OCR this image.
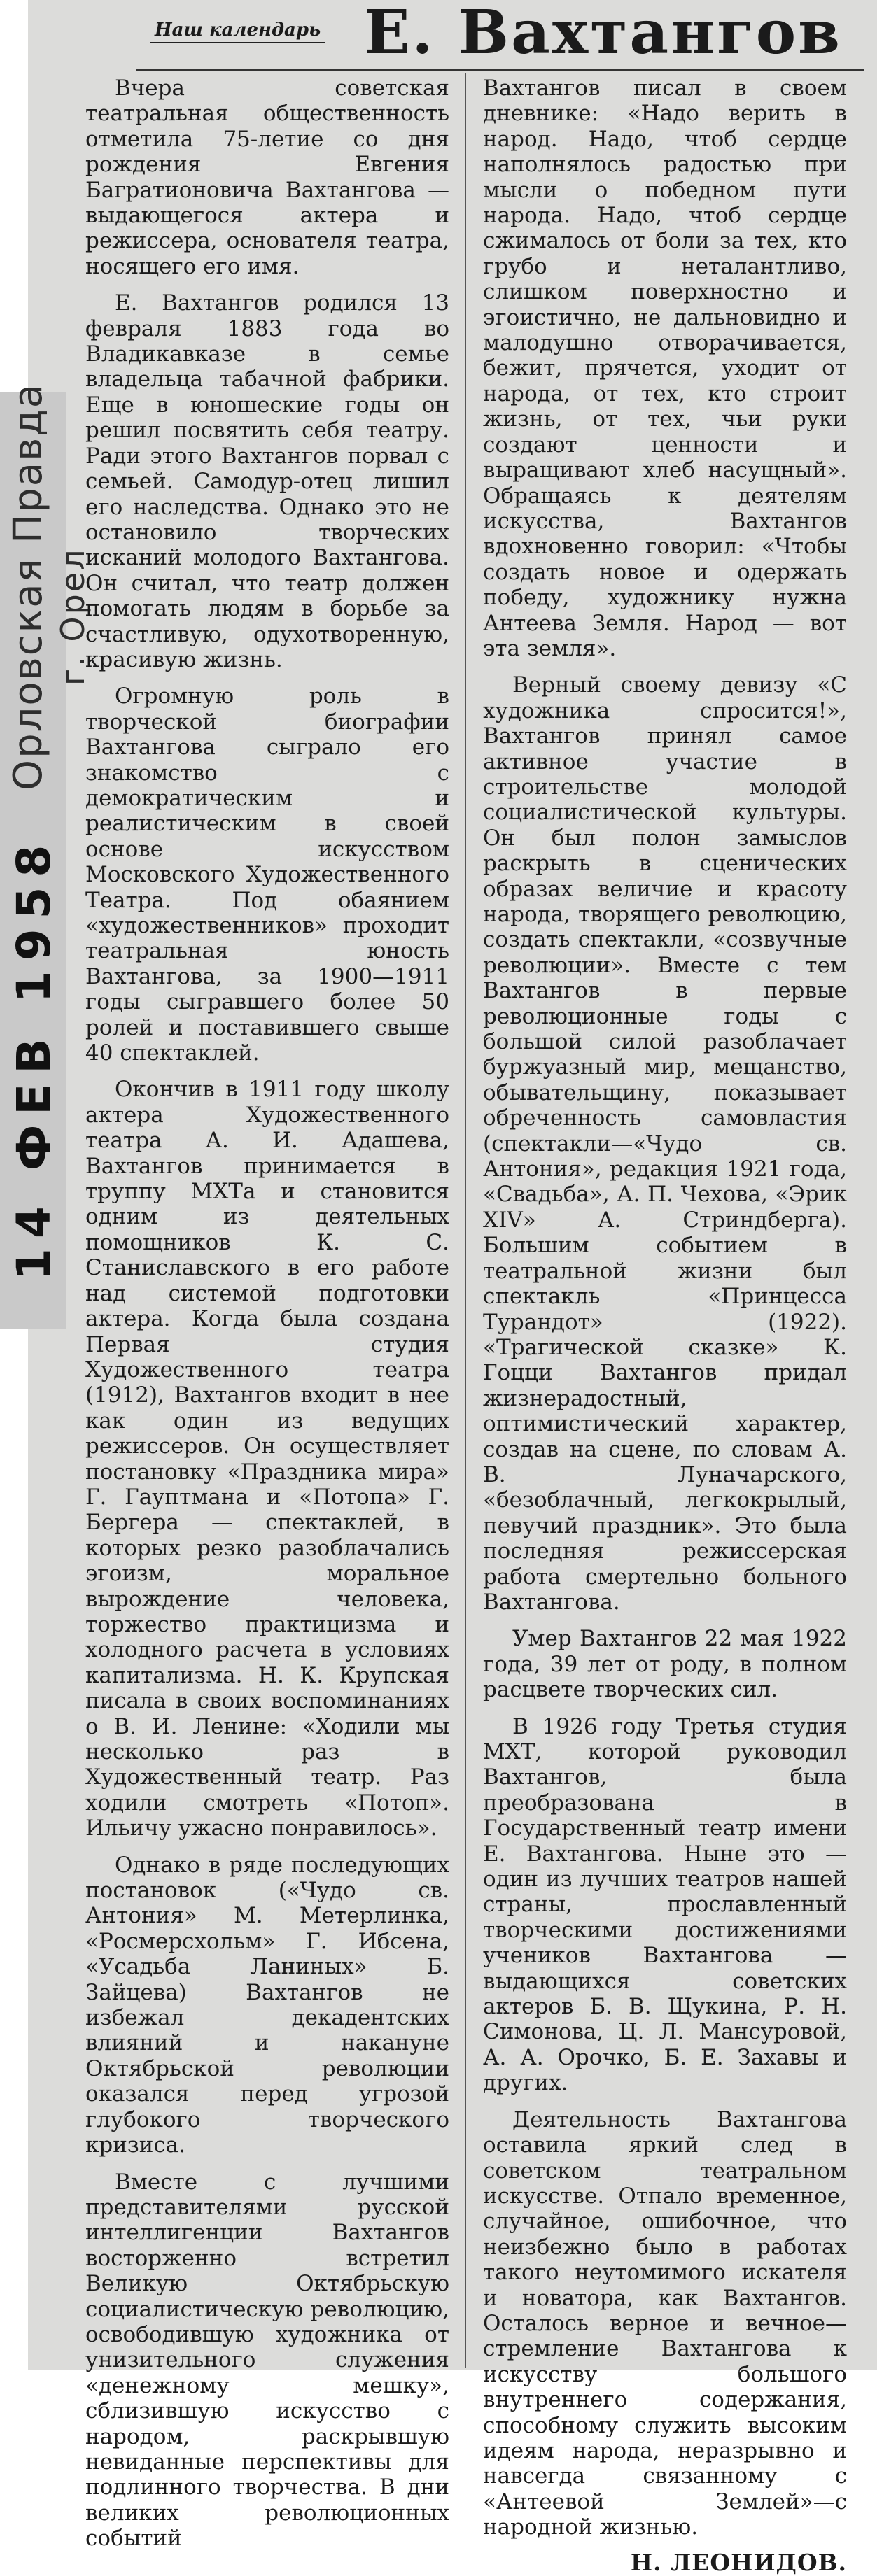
Орловская Правда г. Орел
14 ФЕВ 1958
Наш календарь Е. Вахтангов

Вчера советская театральная общественность отметила 75-летие со дня рождения Евгения Багратионовича Вахтангова — выдающегося актера и режиссера, основателя театра, носящего его имя.

Е. Вахтангов родился 13 февраля 1883 года во Владикавказе в семье владельца табачной фабрики. Еще в юношеские годы он решил посвятить себя театру. Ради этого Вахтангов порвал с семьей. Самодур-отец лишил его наследства. Однако это не остановило творческих исканий молодого Вахтангова. Он считал, что театр должен помогать людям в борьбе за счастливую, одухотворенную, красивую жизнь.

Огромную роль в творческой биографии Вахтангова сыграло его знакомство с демократическим и реалистическим в своей основе искусством Московского Художественного Театра. Под обаянием «художественников» проходит театральная юность Вахтангова, за 1900—1911 годы сыгравшего более 50 ролей и поставившего свыше 40 спектаклей.

Окончив в 1911 году школу актера Художественного театра А. И. Адашева, Вахтангов принимается в труппу МХТа и становится одним из деятельных помощников К. С. Станиславского в его работе над системой подготовки актера. Когда была создана Первая студия Художественного театра (1912), Вахтангов входит в нее как один из ведущих режиссеров. Он осуществляет постановку «Праздника мира» Г. Гауптмана и «Потопа» Г. Бергера — спектаклей, в которых резко разоблачались эгоизм, моральное вырождение человека, торжество практицизма и холодного расчета в условиях капитализма. Н. К. Крупская писала в своих воспоминаниях о В. И. Ленине: «Ходили мы несколько раз в Художественный театр. Раз ходили смотреть «Потоп». Ильичу ужасно понравилось».

Однако в ряде последующих постановок («Чудо св. Антония» М. Метерлинка, «Росмерсхольм» Г. Ибсена, «Усадьба Ланиных» Б. Зайцева) Вахтангов не избежал декадентских влияний и накануне Октябрьской революции оказался перед угрозой глубокого творческого кризиса.

Вместе с лучшими представителями русской интеллигенции Вахтангов восторженно встретил Великую Октябрьскую социалистическую революцию, освободившую художника от унизительного служения «денежному мешку», сблизившую искусство с народом, раскрывшую невиданные перспективы для подлинного творчества. В дни великих революционных событий

Вахтангов писал в своем дневнике: «Надо верить в народ. Надо, чтоб сердце наполнялось радостью при мысли о победном пути народа. Надо, чтоб сердце сжималось от боли за тех, кто грубо и неталантливо, слишком поверхностно и эгоистично, не дальновидно и малодушно отворачивается, бежит, прячется, уходит от народа, от тех, кто строит жизнь, от тех, чьи руки создают ценности и выращивают хлеб насущный». Обращаясь к деятелям искусства, Вахтангов вдохновенно говорил: «Чтобы создать новое и одержать победу, художнику нужна Антеева Земля. Народ — вот эта земля».

Верный своему девизу «С художника спросится!», Вахтангов принял самое активное участие в строительстве молодой социалистической культуры. Он был полон замыслов раскрыть в сценических образах величие и красоту народа, творящего революцию, создать спектакли, «созвучные революции». Вместе с тем Вахтангов в первые революционные годы с большой силой разоблачает буржуазный мир, мещанство, обывательщину, показывает обреченность самовластия (спектакли—«Чудо св. Антония», редакция 1921 года, «Свадьба», А. П. Чехова, «Эрик XIV» А. Стриндберга). Большим событием в театральной жизни был спектакль «Принцесса Турандот» (1922). «Трагической сказке» К. Гоцци Вахтангов придал жизнерадостный, оптимистический характер, создав на сцене, по словам А. В. Луначарского, «безоблачный, легкокрылый, певучий праздник». Это была последняя режиссерская работа смертельно больного Вахтангова.

Умер Вахтангов 22 мая 1922 года, 39 лет от роду, в полном расцвете творческих сил.

В 1926 году Третья студия МХТ, которой руководил Вахтангов, была преобразована в Государственный театр имени Е. Вахтангова. Ныне это — один из лучших театров нашей страны, прославленный творческими достижениями учеников Вахтангова — выдающихся советских актеров Б. В. Щукина, Р. Н. Симонова, Ц. Л. Мансуровой, А. А. Орочко, Б. Е. Захавы и других.

Деятельность Вахтангова оставила яркий след в советском театральном искусстве. Отпало временное, случайное, ошибочное, что неизбежно было в работах такого неутомимого искателя и новатора, как Вахтангов. Осталось верное и вечное—стремление Вахтангова к искусству большого внутреннего содержания, способному служить высоким идеям народа, неразрывно и навсегда связанному с «Антеевой Землей»—с народной жизнью.

Н. ЛЕОНИДОВ.
